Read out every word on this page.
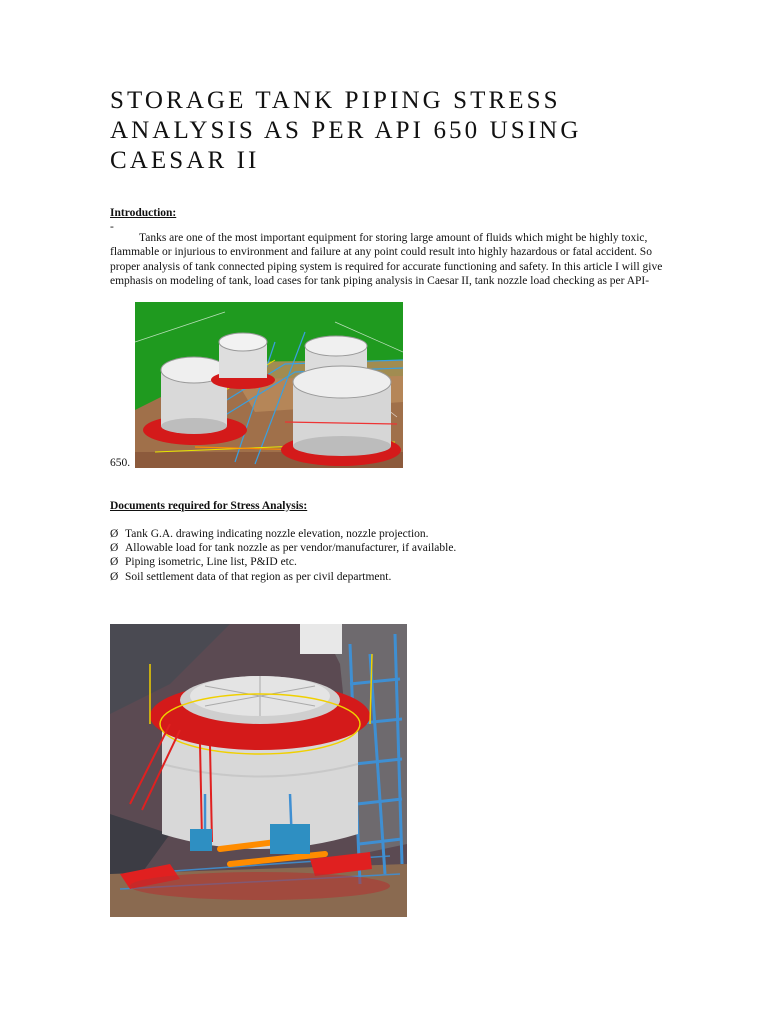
STORAGE TANK PIPING STRESS
ANALYSIS AS PER API 650 USING
CAESAR II
Introduction:
-

Tanks are one of the most important equipment for storing large amount of fluids which might be highly toxic, flammable or injurious to environment and failure at any point could result into highly hazardous or fatal accident. So proper analysis of tank connected piping system is required for accurate functioning and safety. In this article I will give emphasis on modeling of tank, load cases for tank piping analysis in Caesar II, tank nozzle load checking as per API-

650.
Documents required for Stress Analysis:
Ø Tank G.A. drawing indicating nozzle elevation, nozzle projection.
Ø Allowable load for tank nozzle as per vendor/manufacturer, if available.
Ø Piping isometric, Line list, P&ID etc.
Ø Soil settlement data of that region as per civil department.
